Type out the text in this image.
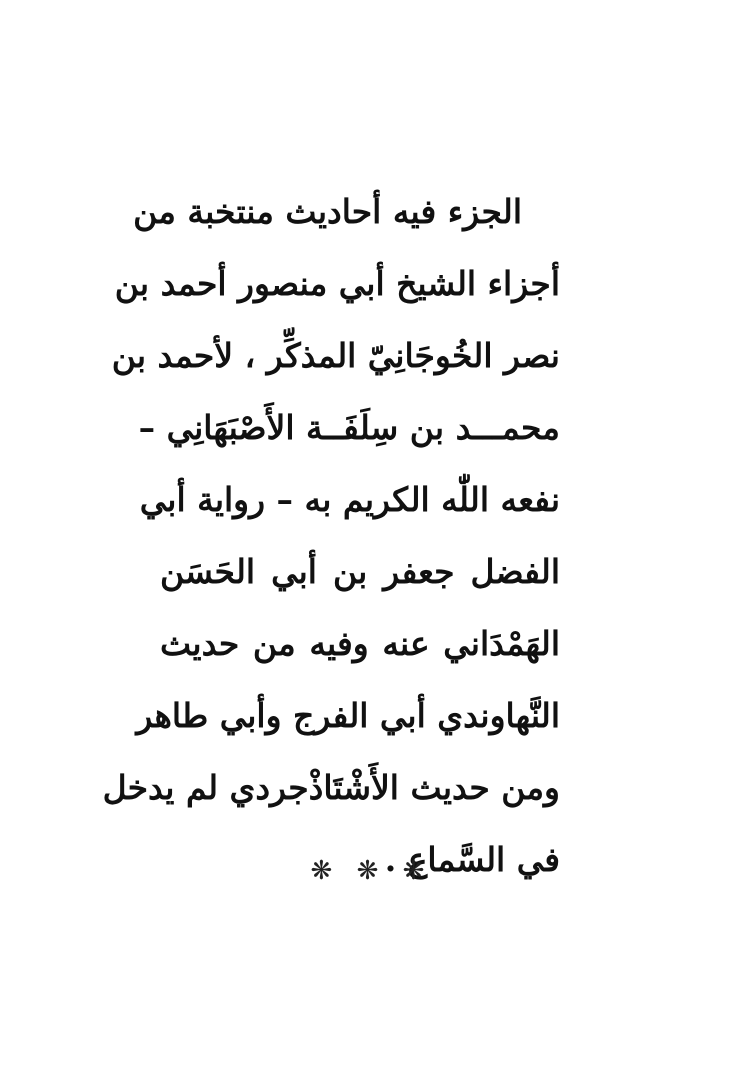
الجزء فيه أحاديث منتخبة من
أجزاء الشيخ أبي منصور أحمد بن
نصر الخُوجَانِيّ المذكِّر ، لأحمد بن
محمـــد بن سِلَفَــة الأَصْبَهَانِي –
نفعه اللّٰه الكريم به – رواية أبي
الفضل جعفر بن أبي الحَسَن
الهَمْدَاني عنه وفيه من حديث
النَّهاوندي أبي الفرج وأبي طاهر
ومن حديث الأَشْتَاذْجردي لم يدخل
في السَّماع .
❋ ❋ ❋
